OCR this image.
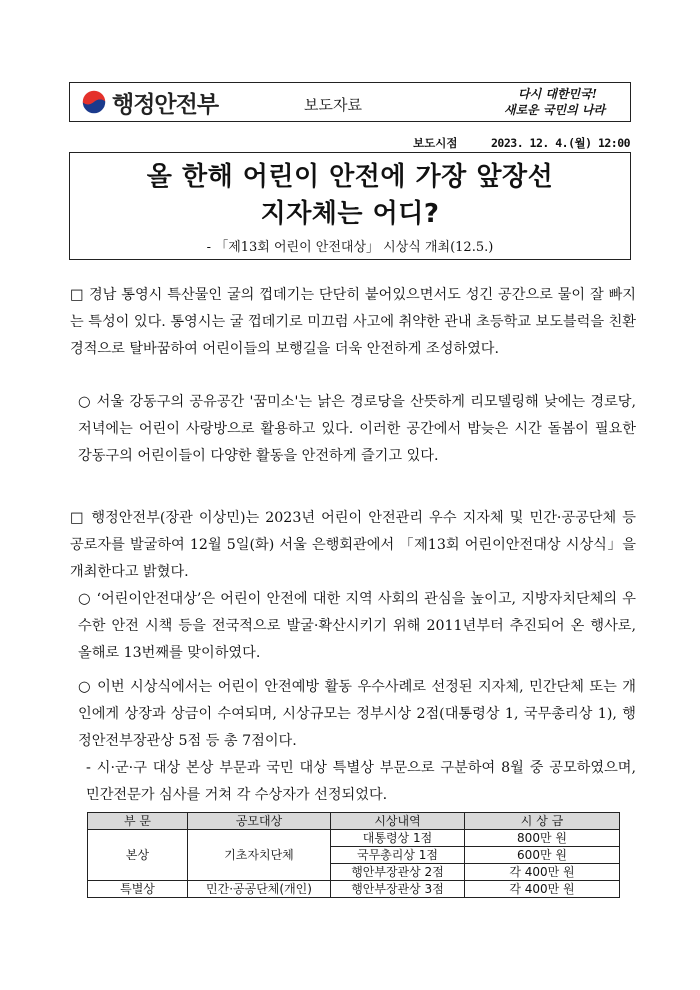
행정안전부	보도자료
다시 대한민국!
새로운 국민의 나라
보도시점	2023. 12. 4.(월) 12:00
올 한해 어린이 안전에 가장 앞장선
지자체는 어디?
- 「제13회 어린이 안전대상」 시상식 개최(12.5.)
□ 경남 통영시 특산물인 굴의 껍데기는 단단히 붙어있으면서도 성긴 공간으로 물이 잘 빠지는 특성이 있다. 통영시는 굴 껍데기로 미끄럼 사고에 취약한 관내 초등학교 보도블럭을 친환경적으로 탈바꿈하여 어린이들의 보행길을 더욱 안전하게 조성하였다.
○ 서울 강동구의 공유공간 '꿈미소'는 낡은 경로당을 산뜻하게 리모델링해 낮에는 경로당, 저녁에는 어린이 사랑방으로 활용하고 있다. 이러한 공간에서 밤늦은 시간 돌봄이 필요한 강동구의 어린이들이 다양한 활동을 안전하게 즐기고 있다.
□ 행정안전부(장관 이상민)는 2023년 어린이 안전관리 우수 지자체 및 민간·공공단체 등 공로자를 발굴하여 12월 5일(화) 서울 은행회관에서 「제13회 어린이안전대상 시상식」을 개최한다고 밝혔다.
○ ‘어린이안전대상’은 어린이 안전에 대한 지역 사회의 관심을 높이고, 지방자치단체의 우수한 안전 시책 등을 전국적으로 발굴·확산시키기 위해 2011년부터 추진되어 온 행사로, 올해로 13번째를 맞이하였다.
○ 이번 시상식에서는 어린이 안전예방 활동 우수사례로 선정된 지자체, 민간단체 또는 개인에게 상장과 상금이 수여되며, 시상규모는 정부시상 2점(대통령상 1, 국무총리상 1), 행정안전부장관상 5점 등 총 7점이다.
- 시·군·구 대상 본상 부문과 국민 대상 특별상 부문으로 구분하여 8월 중 공모하였으며, 민간전문가 심사를 거쳐 각 수상자가 선정되었다.
부 문	공모대상	시상내역	시 상 금
본상	기초자치단체	대통령상 1점	800만 원
		국무총리상 1점	600만 원
		행안부장관상 2점	각 400만 원
특별상	민간·공공단체(개인)	행안부장관상 3점	각 400만 원
